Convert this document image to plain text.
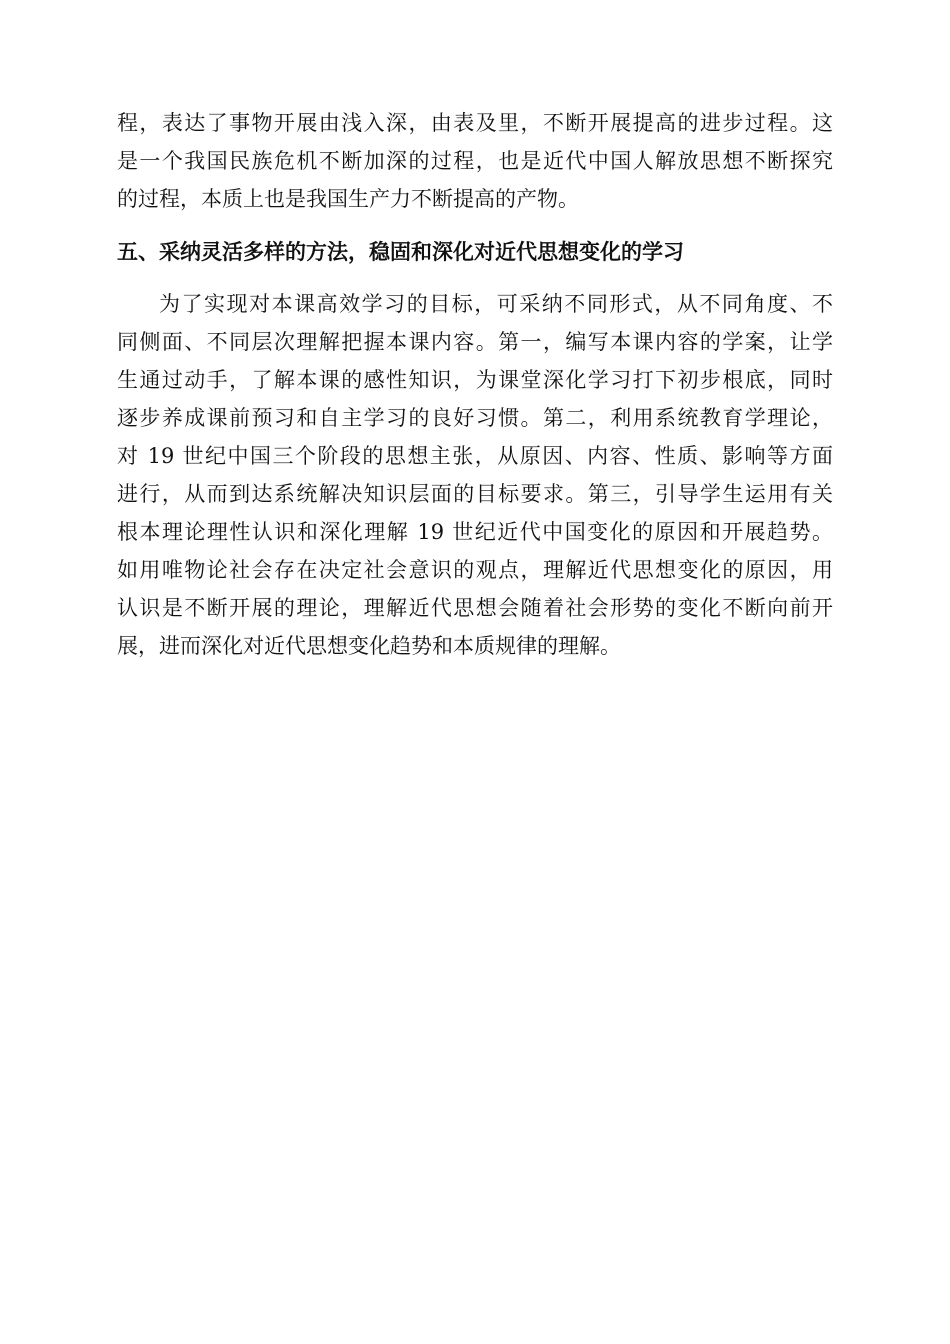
程，表达了事物开展由浅入深，由表及里，不断开展提高的进步过程。这
是一个我国民族危机不断加深的过程，也是近代中国人解放思想不断探究
的过程，本质上也是我国生产力不断提高的产物。
五、采纳灵活多样的方法，稳固和深化对近代思想变化的学习
为了实现对本课高效学习的目标，可采纳不同形式，从不同角度、不
同侧面、不同层次理解把握本课内容。第一，编写本课内容的学案，让学
生通过动手，了解本课的感性知识，为课堂深化学习打下初步根底，同时
逐步养成课前预习和自主学习的良好习惯。第二，利用系统教育学理论，
对 19 世纪中国三个阶段的思想主张，从原因、内容、性质、影响等方面
进行，从而到达系统解决知识层面的目标要求。第三，引导学生运用有关
根本理论理性认识和深化理解 19 世纪近代中国变化的原因和开展趋势。
如用唯物论社会存在决定社会意识的观点，理解近代思想变化的原因，用
认识是不断开展的理论，理解近代思想会随着社会形势的变化不断向前开
展，进而深化对近代思想变化趋势和本质规律的理解。
